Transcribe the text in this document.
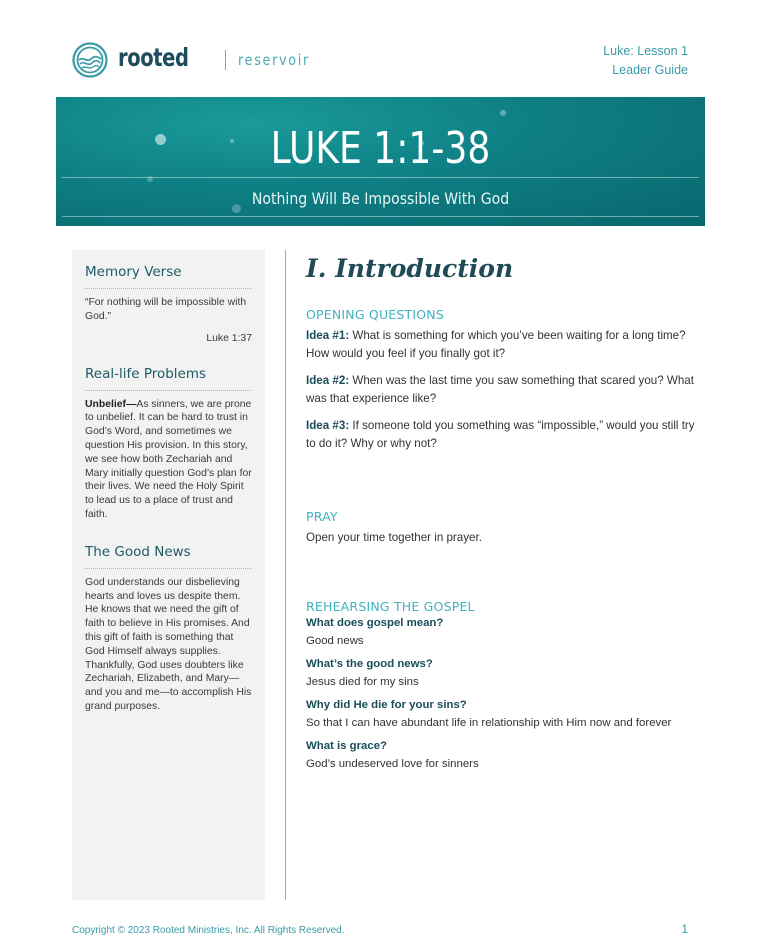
rooted	reservoir	Luke: Lesson 1
Leader Guide
LUKE 1:1-38
Nothing Will Be Impossible With God
Memory Verse
“For nothing will be impossible with God.”
Luke 1:37
Real-life Problems
Unbelief—As sinners, we are prone to unbelief. It can be hard to trust in God’s Word, and sometimes we question His provision. In this story, we see how both Zechariah and Mary initially question God’s plan for their lives. We need the Holy Spirit to lead us to a place of trust and faith.
The Good News
God understands our disbelieving hearts and loves us despite them. He knows that we need the gift of faith to believe in His promises. And this gift of faith is something that God Himself always supplies. Thankfully, God uses doubters like Zechariah, Elizabeth, and Mary—and you and me—to accomplish His grand purposes.
I. Introduction
OPENING QUESTIONS

Idea #1: What is something for which you’ve been waiting for a long time? How would you feel if you finally got it?

Idea #2: When was the last time you saw something that scared you? What was that experience like?

Idea #3: If someone told you something was “impossible,” would you still try to do it? Why or why not?

PRAY

Open your time together in prayer.

REHEARSING THE GOSPEL
What does gospel mean?
Good news
What’s the good news?
Jesus died for my sins
Why did He die for your sins?
So that I can have abundant life in relationship with Him now and forever
What is grace?
God’s undeserved love for sinners
Copyright © 2023 Rooted Ministries, Inc. All Rights Reserved.	1
